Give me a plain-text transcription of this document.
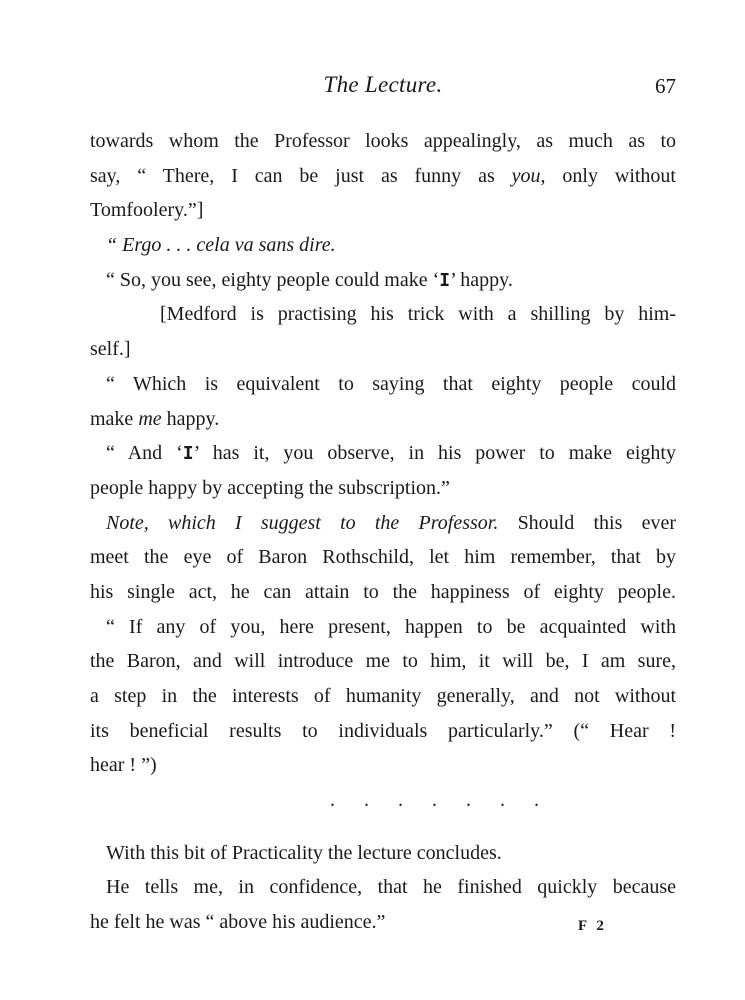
The Lecture.	67
towards whom the Professor looks appealingly, as much as to
say, “ There, I can be just as funny as you, only without
Tomfoolery.”]
“ Ergo . . . cela va sans dire.
“ So, you see, eighty people could make ‘I’ happy.
[Medford is practising his trick with a shilling by him-
self.]
“ Which is equivalent to saying that eighty people could
make me happy.
“ And ‘I’ has it, you observe, in his power to make eighty
people happy by accepting the subscription.”
Note, which I suggest to the Professor. Should this ever
meet the eye of Baron Rothschild, let him remember, that by
his single act, he can attain to the happiness of eighty people.
“ If any of you, here present, happen to be acquainted with
the Baron, and will introduce me to him, it will be, I am sure,
a step in the interests of humanity generally, and not without
its beneficial results to individuals particularly.” (“ Hear !
hear ! ”)
. . . . . . .
With this bit of Practicality the lecture concludes.
He tells me, in confidence, that he finished quickly because
he felt he was “ above his audience.”	F 2
